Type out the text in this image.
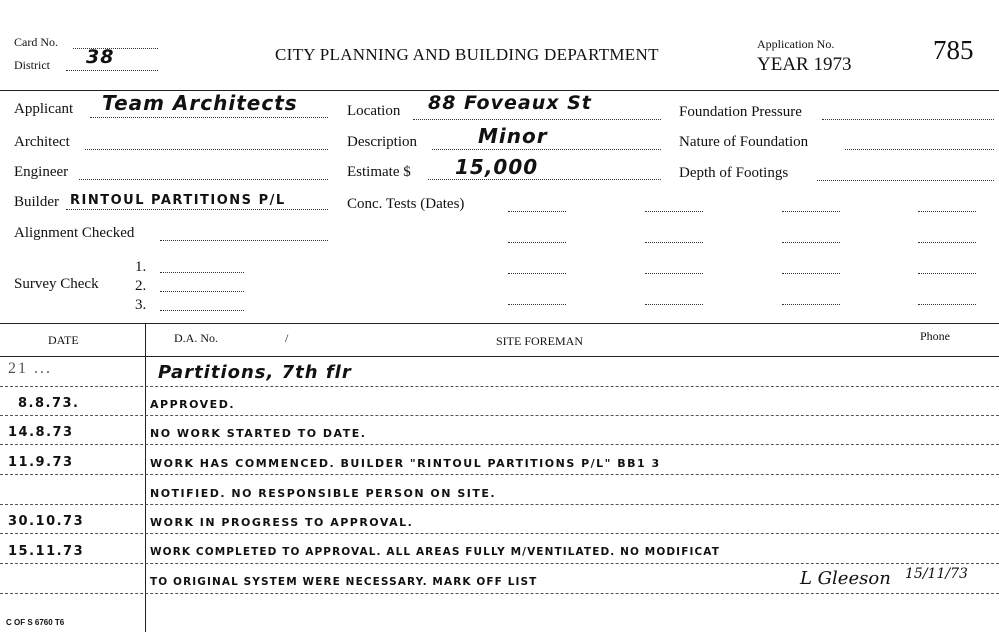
Card No.
District 38	CITY PLANNING AND BUILDING DEPARTMENT
Application No.
YEAR 1973	785
Applicant Team Architects
Architect
Engineer
Builder RINTOUL PARTITIONS P/L
Alignment Checked
Survey Check
1.
2.
3.
Location 88 Foveaux St
Description	Minor
Estimate $ 15,000
Conc. Tests (Dates)
Foundation Pressure
Nature of Foundation
Depth of Footings
DATE	D.A. No.	/	SITE FOREMAN	Phone
21 ...	Partitions, 7th flr
8.8.73.	APPROVED.
14.8.73	NO WORK STARTED TO DATE.
11.9.73	WORK HAS COMMENCED. BUILDER "RINTOUL PARTITIONS P/L" BB1 3
NOTIFIED. NO RESPONSIBLE PERSON ON SITE.
30.10.73	WORK IN PROGRESS TO APPROVAL.
15.11.73	WORK COMPLETED TO APPROVAL. ALL AREAS FULLY M/VENTILATED. NO MODIFICAT
TO ORIGINAL SYSTEM WERE NECESSARY. MARK OFF LIST	L Gleeson 15/11/73
C OF S 6760 T6
